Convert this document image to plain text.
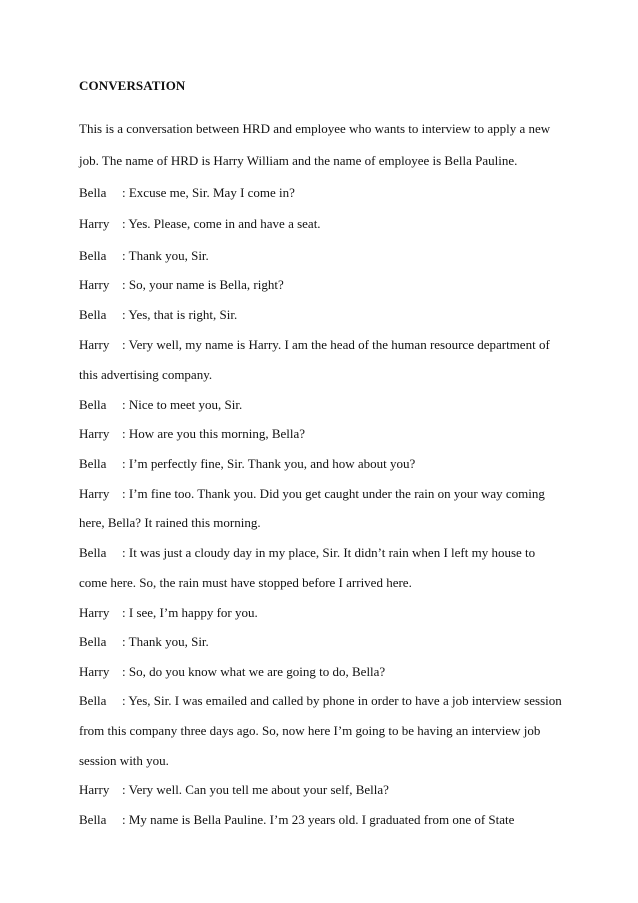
CONVERSATION
This is a conversation between HRD and employee who wants to interview to apply a new
job. The name of HRD is Harry William and the name of employee is Bella Pauline.
Bella : Excuse me, Sir. May I come in?
Harry : Yes. Please, come in and have a seat.
Bella : Thank you, Sir.
Harry : So, your name is Bella, right?
Bella : Yes, that is right, Sir.
Harry : Very well, my name is Harry. I am the head of the human resource department of
this advertising company.
Bella : Nice to meet you, Sir.
Harry : How are you this morning, Bella?
Bella : I’m perfectly fine, Sir. Thank you, and how about you?
Harry : I’m fine too. Thank you. Did you get caught under the rain on your way coming
here, Bella? It rained this morning.
Bella : It was just a cloudy day in my place, Sir. It didn’t rain when I left my house to
come here. So, the rain must have stopped before I arrived here.
Harry : I see, I’m happy for you.
Bella : Thank you, Sir.
Harry : So, do you know what we are going to do, Bella?
Bella : Yes, Sir. I was emailed and called by phone in order to have a job interview session
from this company three days ago. So, now here I’m going to be having an interview job
session with you.
Harry : Very well. Can you tell me about your self, Bella?
Bella : My name is Bella Pauline. I’m 23 years old. I graduated from one of State
